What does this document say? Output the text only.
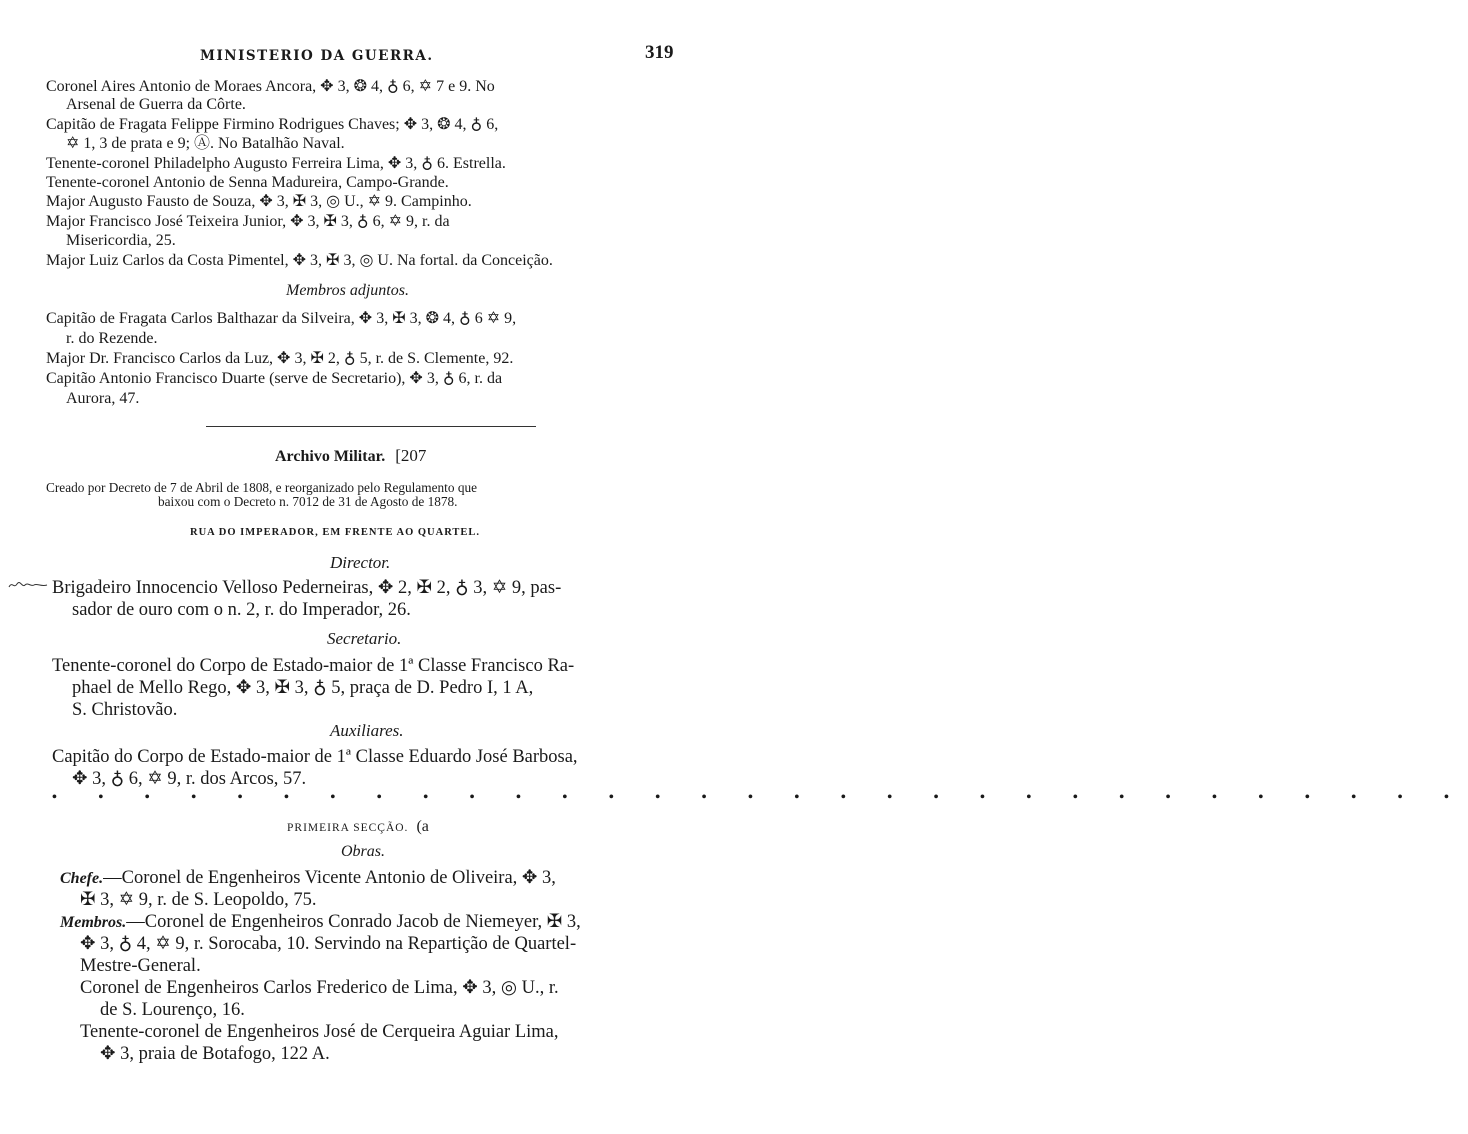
MINISTERIO DA GUERRA.	319
Coronel Aires Antonio de Moraes Ancora, ✥ 3, ❂ 4, ♁ 6, ✡ 7 e 9. No
Arsenal de Guerra da Côrte.
Capitão de Fragata Felippe Firmino Rodrigues Chaves; ✥ 3, ❂ 4, ♁ 6,
✡ 1, 3 de prata e 9; Ⓐ. No Batalhão Naval.
Tenente-coronel Philadelpho Augusto Ferreira Lima, ✥ 3, ♁ 6. Estrella.
Tenente-coronel Antonio de Senna Madureira, Campo-Grande.
Major Augusto Fausto de Souza, ✥ 3, ✠ 3, ◎ U., ✡ 9. Campinho.
Major Francisco José Teixeira Junior, ✥ 3, ✠ 3, ♁ 6, ✡ 9, r. da
Misericordia, 25.
Major Luiz Carlos da Costa Pimentel, ✥ 3, ✠ 3, ◎ U. Na fortal. da Conceição.
Membros adjuntos.
Capitão de Fragata Carlos Balthazar da Silveira, ✥ 3, ✠ 3, ❂ 4, ♁ 6 ✡ 9,
r. do Rezende.
Major Dr. Francisco Carlos da Luz, ✥ 3, ✠ 2, ♁ 5, r. de S. Clemente, 92.
Capitão Antonio Francisco Duarte (serve de Secretario), ✥ 3, ♁ 6, r. da
Aurora, 47.
Archivo Militar. [207
Creado por Decreto de 7 de Abril de 1808, e reorganizado pelo Regulamento que
baixou com o Decreto n. 7012 de 31 de Agosto de 1878.
RUA DO IMPERADOR, EM FRENTE AO QUARTEL.
Director.
Brigadeiro Innocencio Velloso Pederneiras, ✥ 2, ✠ 2, ♁ 3, ✡ 9, pas-
sador de ouro com o n. 2, r. do Imperador, 26.
Secretario.
Tenente-coronel do Corpo de Estado-maior de 1ª Classe Francisco Ra-
phael de Mello Rego, ✥ 3, ✠ 3, ♁ 5, praça de D. Pedro I, 1 A,
S. Christovão.
Auxiliares.
Capitão do Corpo de Estado-maior de 1ª Classe Eduardo José Barbosa,
✥ 3, ♁ 6, ✡ 9, r. dos Arcos, 57.
• • • • • • • • • • • • • • • • • • • • • • • • • • • • • • •
PRIMEIRA SECÇÃO. (a
Obras.
Chefe.—Coronel de Engenheiros Vicente Antonio de Oliveira, ✥ 3,
✠ 3, ✡ 9, r. de S. Leopoldo, 75.
Membros.—Coronel de Engenheiros Conrado Jacob de Niemeyer, ✠ 3,
✥ 3, ♁ 4, ✡ 9, r. Sorocaba, 10. Servindo na Repartição de Quartel-
Mestre-General.
Coronel de Engenheiros Carlos Frederico de Lima, ✥ 3, ◎ U., r.
de S. Lourenço, 16.
Tenente-coronel de Engenheiros José de Cerqueira Aguiar Lima,
✥ 3, praia de Botafogo, 122 A.
